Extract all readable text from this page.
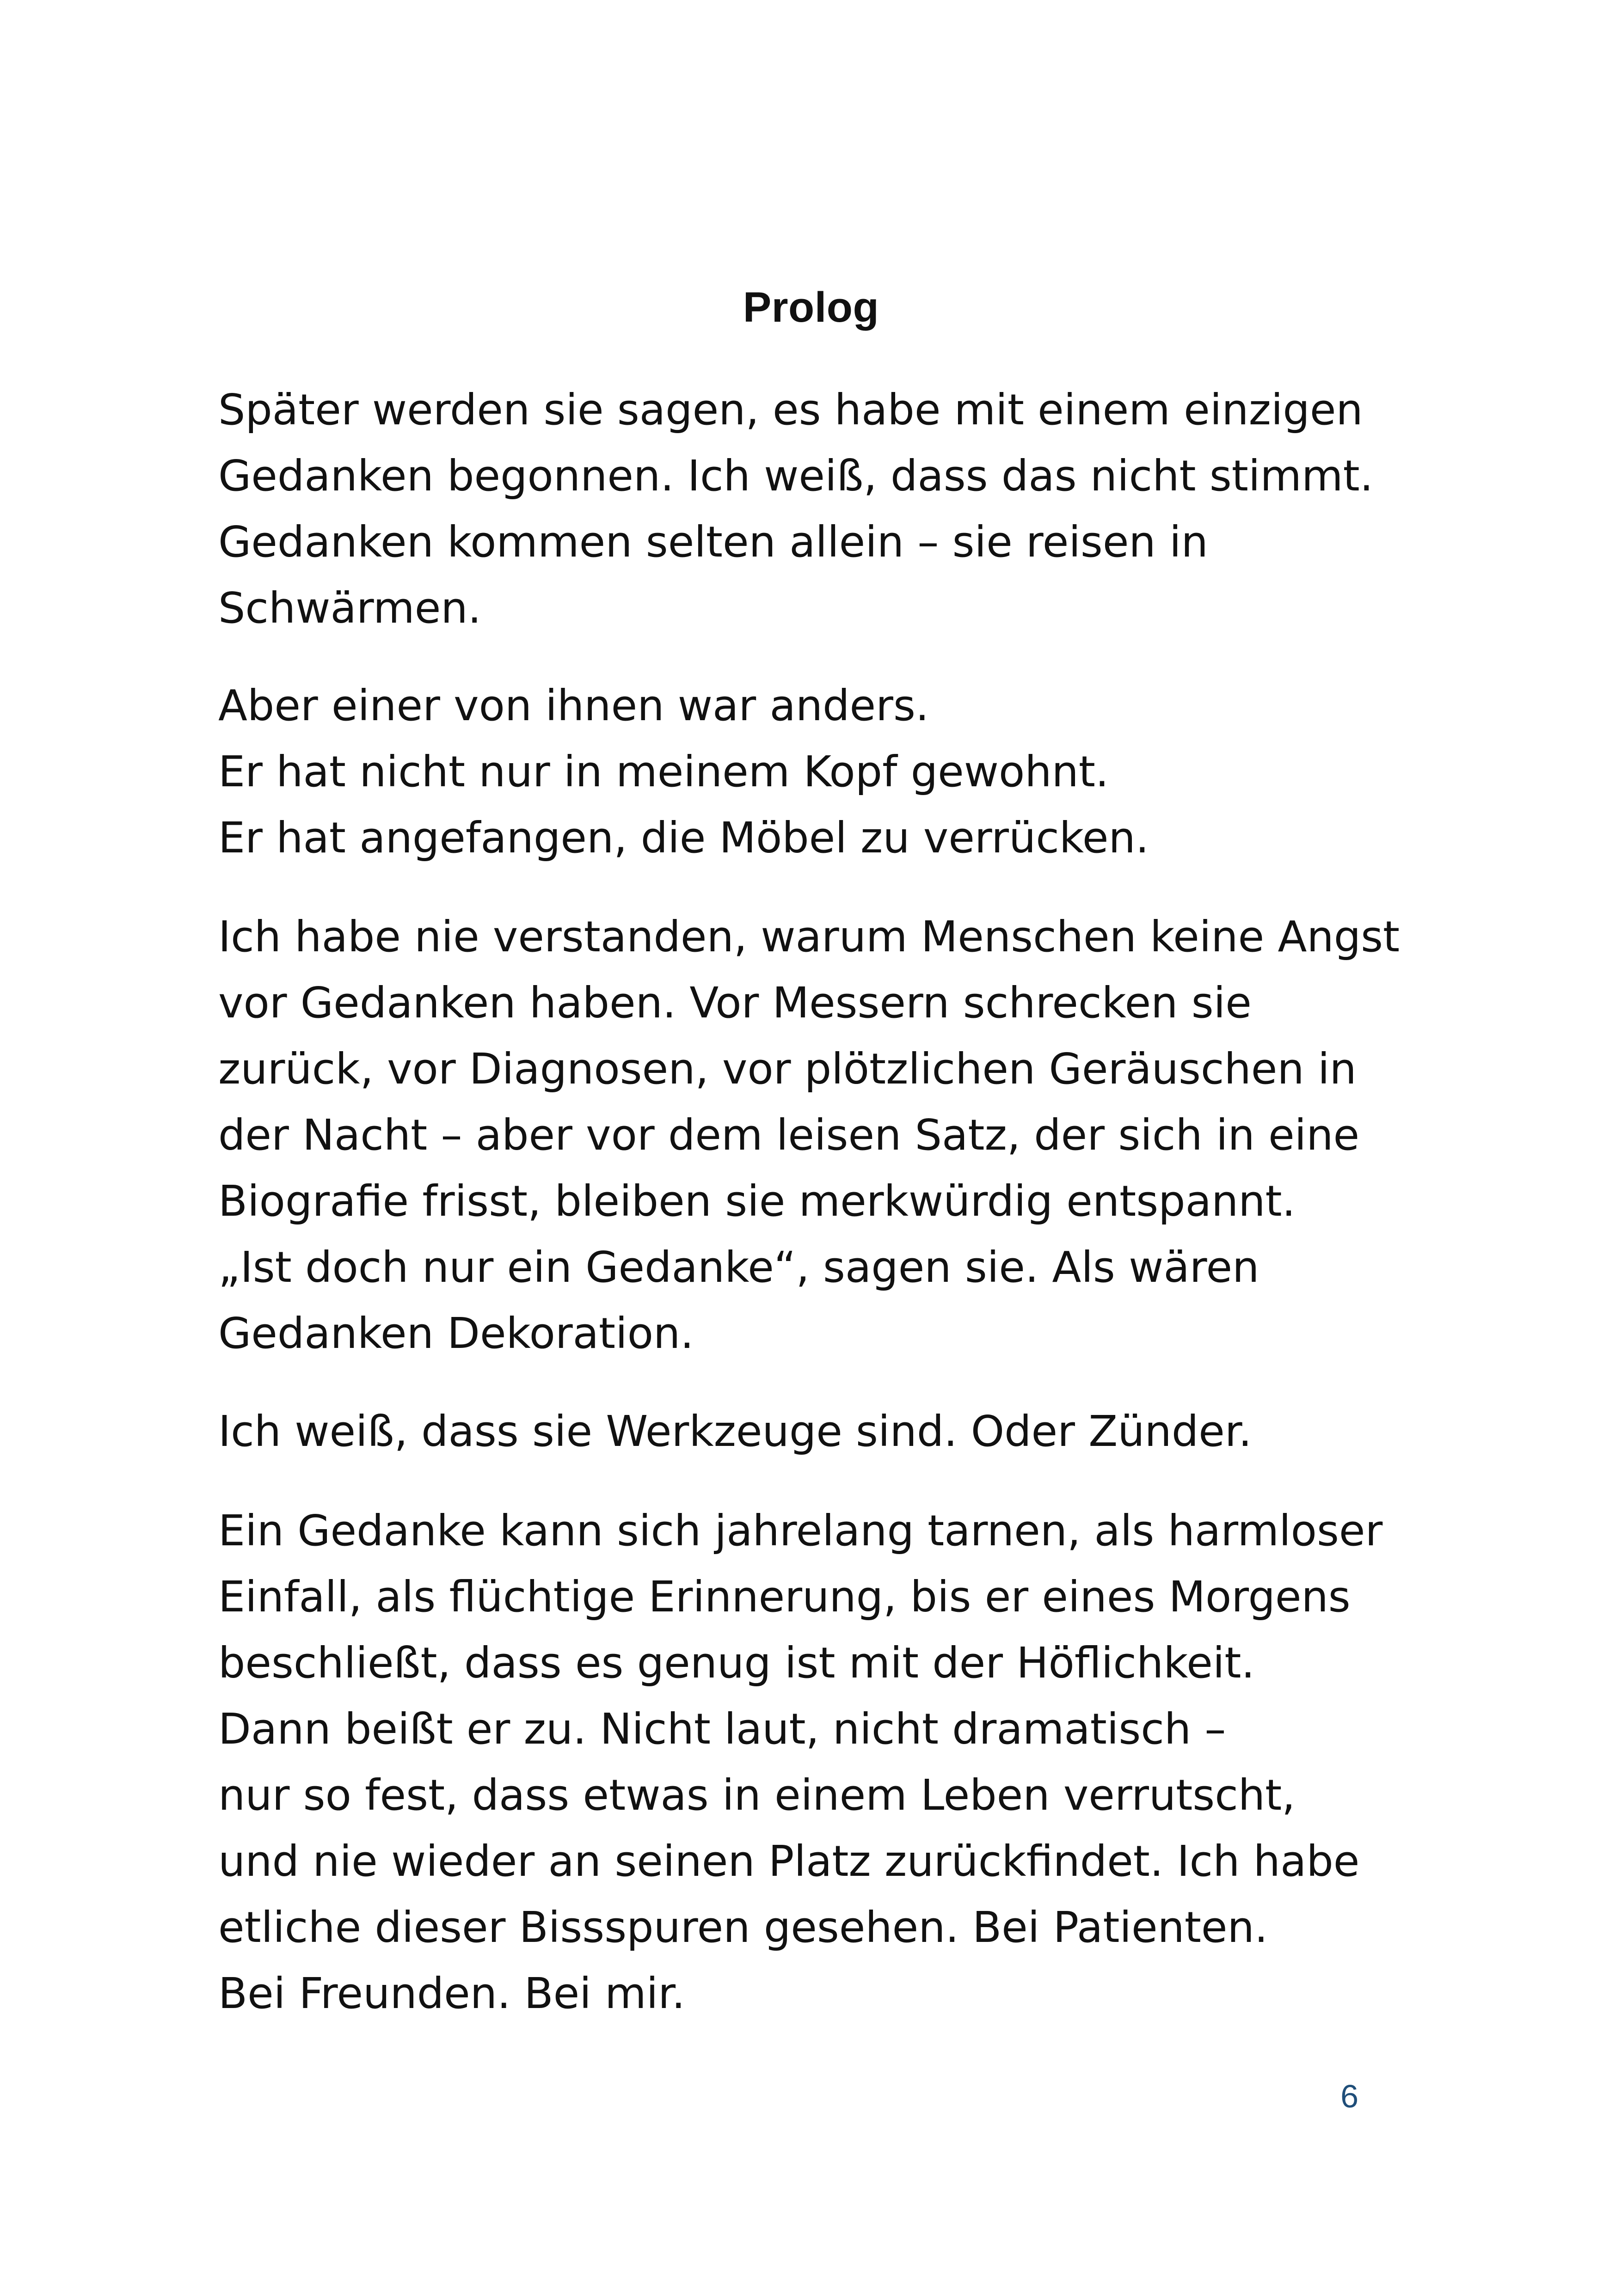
Prolog

Später werden sie sagen, es habe mit einem einzigen
Gedanken begonnen. Ich weiß, dass das nicht stimmt.
Gedanken kommen selten allein – sie reisen in
Schwärmen.

Aber einer von ihnen war anders.
Er hat nicht nur in meinem Kopf gewohnt.
Er hat angefangen, die Möbel zu verrücken.

Ich habe nie verstanden, warum Menschen keine Angst
vor Gedanken haben. Vor Messern schrecken sie
zurück, vor Diagnosen, vor plötzlichen Geräuschen in
der Nacht – aber vor dem leisen Satz, der sich in eine
Biografie frisst, bleiben sie merkwürdig entspannt.
„Ist doch nur ein Gedanke“, sagen sie. Als wären
Gedanken Dekoration.

Ich weiß, dass sie Werkzeuge sind. Oder Zünder.

Ein Gedanke kann sich jahrelang tarnen, als harmloser
Einfall, als flüchtige Erinnerung, bis er eines Morgens
beschließt, dass es genug ist mit der Höflichkeit.
Dann beißt er zu. Nicht laut, nicht dramatisch –
nur so fest, dass etwas in einem Leben verrutscht,
und nie wieder an seinen Platz zurückfindet. Ich habe
etliche dieser Bissspuren gesehen. Bei Patienten.
Bei Freunden. Bei mir.

6
